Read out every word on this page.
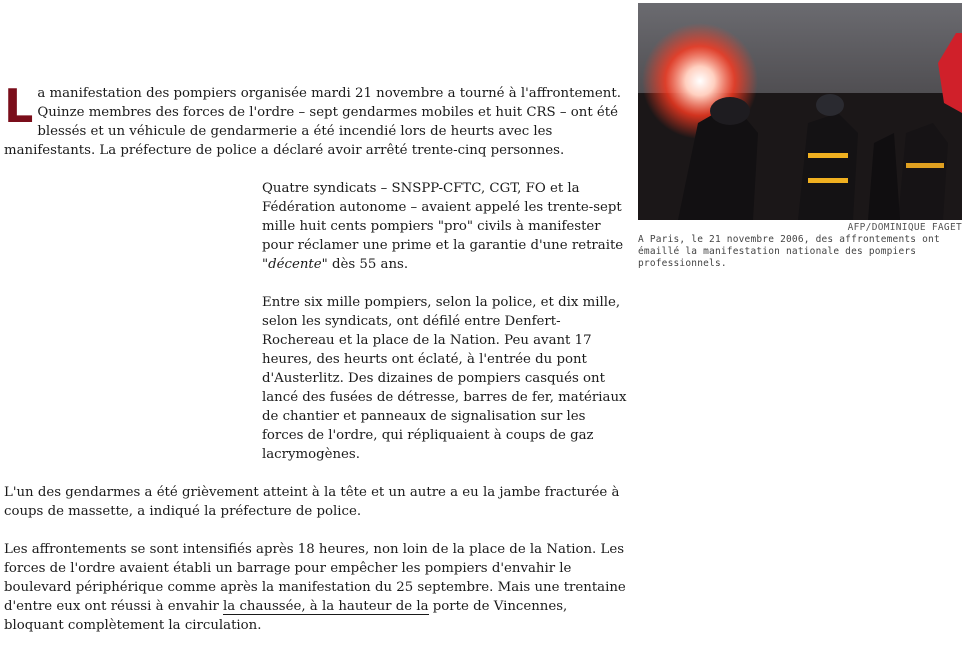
La manifestation des pompiers organisée mardi 21 novembre a tourné à l'affrontement. Quinze membres des forces de l'ordre – sept gendarmes mobiles et huit CRS – ont été blessés et un véhicule de gendarmerie a été incendié lors de heurts avec les manifestants. La préfecture de police a déclaré avoir arrêté trente-cinq personnes.

Quatre syndicats – SNSPP-CFTC, CGT, FO et la Fédération autonome – avaient appelé les trente-sept mille huit cents pompiers "pro" civils à manifester pour réclamer une prime et la garantie d'une retraite "décente" dès 55 ans.

Entre six mille pompiers, selon la police, et dix mille, selon les syndicats, ont défilé entre Denfert-Rochereau et la place de la Nation. Peu avant 17 heures, des heurts ont éclaté, à l'entrée du pont d'Austerlitz. Des dizaines de pompiers casqués ont lancé des fusées de détresse, barres de fer, matériaux de chantier et panneaux de signalisation sur les forces de l'ordre, qui répliquaient à coups de gaz lacrymogènes.

L'un des gendarmes a été grièvement atteint à la tête et un autre a eu la jambe fracturée à coups de massette, a indiqué la préfecture de police.

Les affrontements se sont intensifiés après 18 heures, non loin de la place de la Nation. Les forces de l'ordre avaient établi un barrage pour empêcher les pompiers d'envahir le boulevard périphérique comme après la manifestation du 25 septembre. Mais une trentaine d'entre eux ont réussi à envahir la chaussée, à la hauteur de la porte de Vincennes, bloquant complètement la circulation.

AFP/DOMINIQUE FAGET
A Paris, le 21 novembre 2006, des affrontements ont émaillé la manifestation nationale des pompiers professionnels.
